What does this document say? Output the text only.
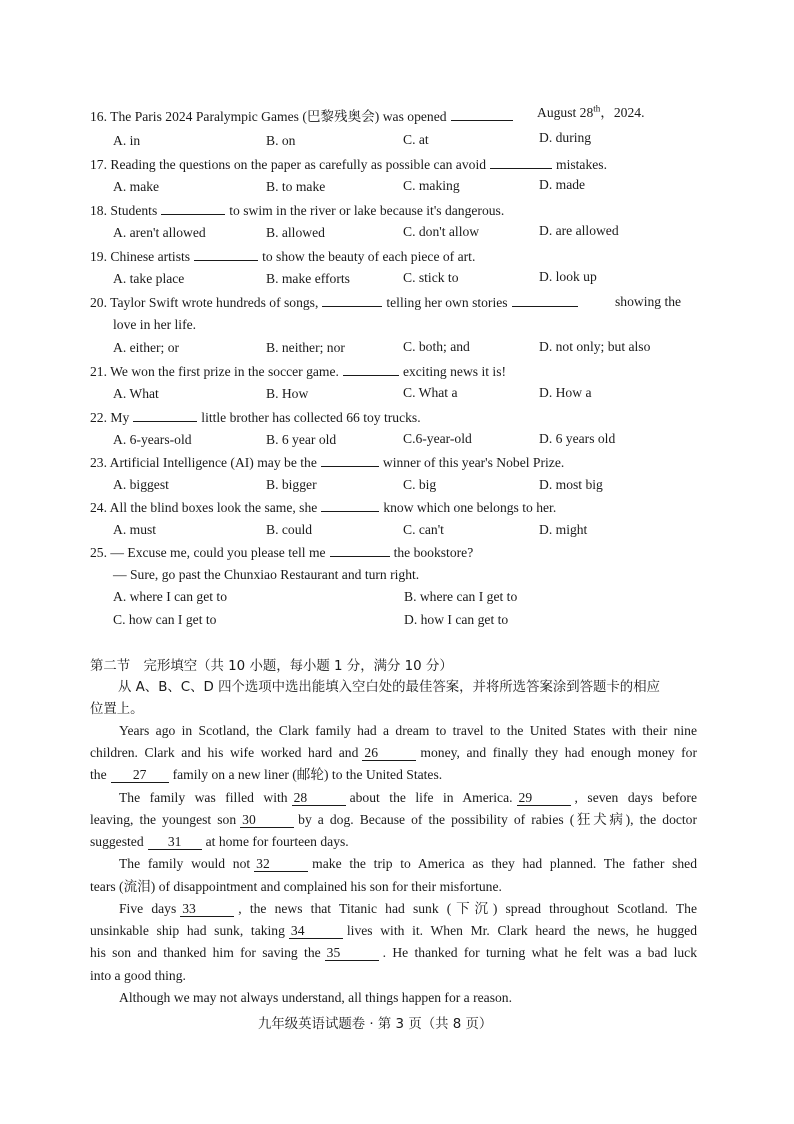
16. The Paris 2024 Paralympic Games (巴黎残奥会) was opened	August 28th，2024.
A. in	B. on	C. at	D. during
17. Reading the questions on the paper as carefully as possible can avoid	mistakes.
A. make	B. to make	C. making	D. made
18. Students	to swim in the river or lake because it's dangerous.
A. aren't allowed	B. allowed	C. don't allow	D. are allowed
19. Chinese artists	to show the beauty of each piece of art.
A. take place	B. make efforts	C. stick to	D. look up
20. Taylor Swift wrote hundreds of songs,	telling her own stories	showing the
love in her life.
A. either; or	B. neither; nor	C. both; and	D. not only; but also
21. We won the first prize in the soccer game.	exciting news it is!
A. What	B. How	C. What a	D. How a
22. My	little brother has collected 66 toy trucks.
A. 6-years-old	B. 6 year old	C.6-year-old	D. 6 years old
23. Artificial Intelligence (AI) may be the	winner of this year's Nobel Prize.
A. biggest	B. bigger	C. big	D. most big
24. All the blind boxes look the same, she	know which one belongs to her.
A. must	B. could	C. can't	D. might
25. — Excuse me, could you please tell me	the bookstore?
— Sure, go past the Chunxiao Restaurant and turn right.
A. where I can get to	B. where can I get to
C. how can I get to	D. how I can get to
第二节　完形填空（共 10 小题，每小题 1 分，满分 10 分）
从 A、B、C、D 四个选项中选出能填入空白处的最佳答案，并将所选答案涂到答题卡的相应
位置上。
Years ago in Scotland, the Clark family had a dream to travel to the United States with their nine
children. Clark and his wife worked hard and 26	money, and finally they had enough money for
the 27 family on a new liner (邮轮) to the United States.
The family was filled with 28	about the life in America. 29	, seven days before
leaving, the youngest son 30	by a dog. Because of the possibility of rabies (狂犬病), the doctor
suggested 31 at home for fourteen days.
The family would not 32	make the trip to America as they had planned. The father shed
tears (流泪) of disappointment and complained his son for their misfortune.
Five days 33	, the news that Titanic had sunk (下沉) spread throughout Scotland. The
unsinkable ship had sunk, taking 34	lives with it. When Mr. Clark heard the news, he hugged
his son and thanked him for saving the 35	. He thanked for turning what he felt was a bad luck
into a good thing.
Although we may not always understand, all things happen for a reason.
九年级英语试题卷 · 第 3 页（共 8 页）
